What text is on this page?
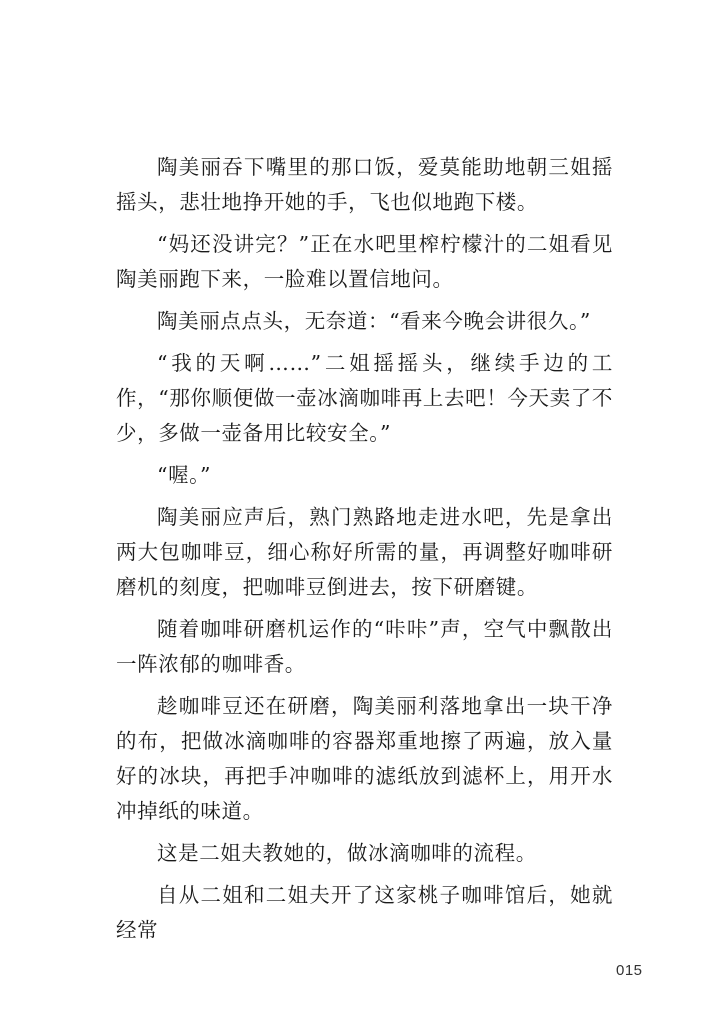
陶美丽吞下嘴里的那口饭，爱莫能助地朝三姐摇摇头，悲壮地挣开她的手，飞也似地跑下楼。

“妈还没讲完？”正在水吧里榨柠檬汁的二姐看见陶美丽跑下来，一脸难以置信地问。

陶美丽点点头，无奈道：“看来今晚会讲很久。”

“我的天啊……”二姐摇摇头，继续手边的工作，“那你顺便做一壶冰滴咖啡再上去吧！今天卖了不少，多做一壶备用比较安全。”

“喔。”

陶美丽应声后，熟门熟路地走进水吧，先是拿出两大包咖啡豆，细心称好所需的量，再调整好咖啡研磨机的刻度，把咖啡豆倒进去，按下研磨键。

随着咖啡研磨机运作的“咔咔”声，空气中飘散出一阵浓郁的咖啡香。

趁咖啡豆还在研磨，陶美丽利落地拿出一块干净的布，把做冰滴咖啡的容器郑重地擦了两遍，放入量好的冰块，再把手冲咖啡的滤纸放到滤杯上，用开水冲掉纸的味道。

这是二姐夫教她的，做冰滴咖啡的流程。

自从二姐和二姐夫开了这家桃子咖啡馆后，她就经常

015
